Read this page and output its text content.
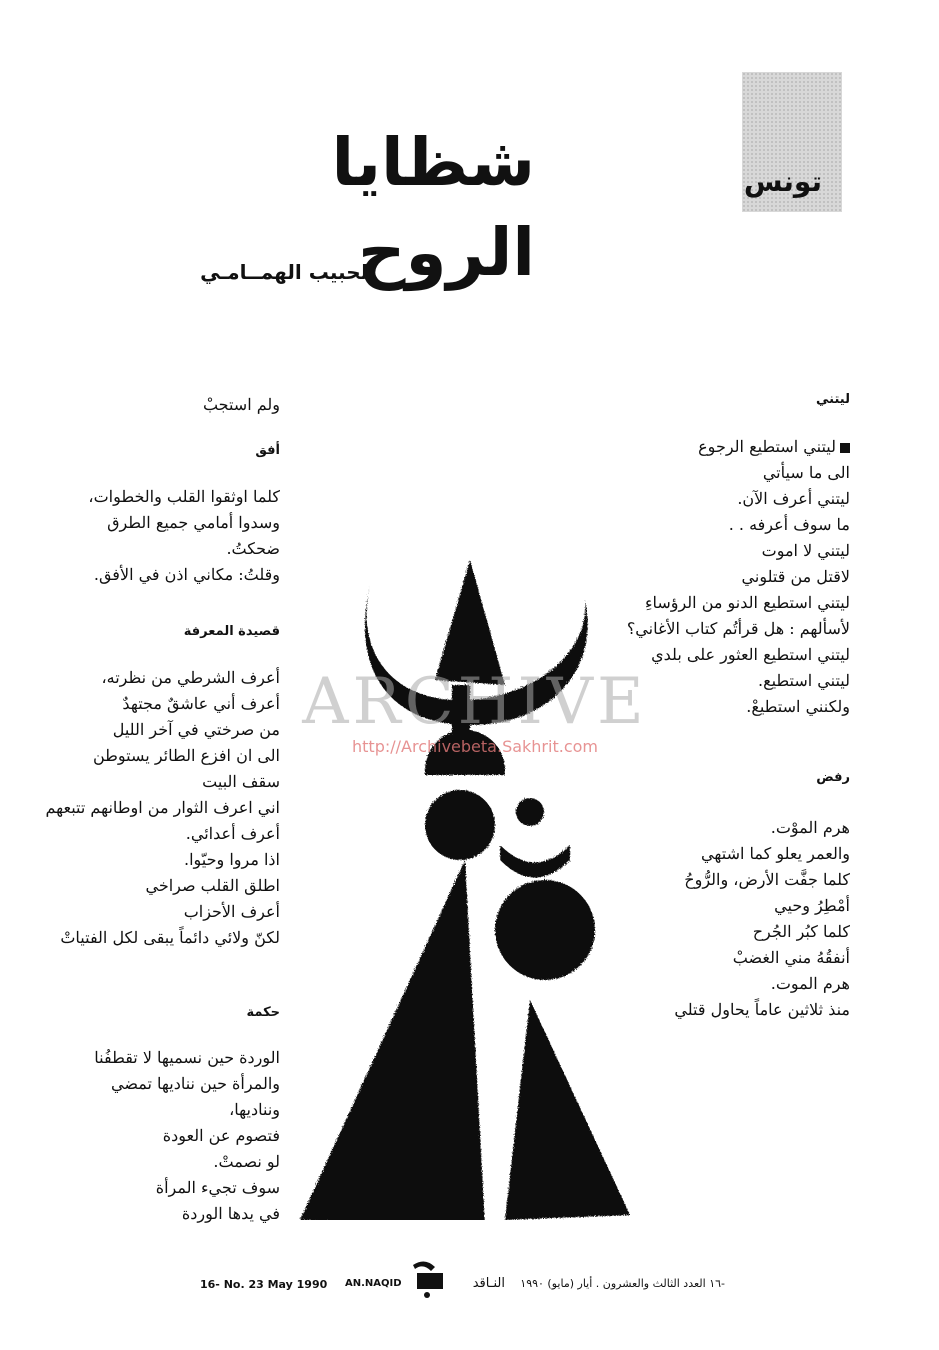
تونس
شظايا الروح
الحبيب الهمــامـي
ليتني
ليتني استطيع الرجوع
الى ما سيأتي
ليتني أعرف الآن.
ما سوف أعرفه . .
ليتني لا اموت
لاقتل من قتلوني
ليتني استطيع الدنو من الرؤساءِ
لأسألهم : هل قرأتُم كتاب الأغاني؟
ليتني استطيع العثور على بلدي
ليتني استطيع.
ولكنني استطيعْ.
رفض
هرم الموْت.
والعمر يعلو كما اشتهي
كلما جفَّت الأرض، والرُّوحُ
أمْطِرُ وحيي
كلما كبُر الجُرح
أنفقُهُ مني الغضبْ
هرم الموت.
منذ ثلاثين عاماً يحاول قتلي
ولم استجبْ
أفق
كلما اوثقوا القلب والخطوات،
وسدوا أمامي جميع الطرق
ضحكتُ.
وقلتُ: مكاني اذن في الأفق.
قصيدة المعرفة
أعرف الشرطي من نظرته،
أعرف أني عاشقٌ مجتهدٌ
من صرختي في آخر الليل
الى ان افزع الطائر يستوطن
سقف البيت
اني اعرف الثوار من اوطانهم تتبعهم
أعرف أعدائي.
اذا مروا وحيّوا.
اطلق القلب صراخي
أعرف الأحزاب
لكنّ ولائي دائماً يبقى لكل الفتياتْ
حكمة
الوردة حين نسميها لا تقطفُنا
والمرأة حين نناديها تمضي
ونناديها،
فتصوم عن العودة
لو نصمتْ.
سوف تجيء المرأة
في يدها الوردة
ARCHIVE
http://Archivebeta.Sakhrit.com
16- No. 23 May 1990 AN.NAQID	النـاقد	-١٦ العدد الثالث والعشرون . أيار (مايو) ١٩٩٠
